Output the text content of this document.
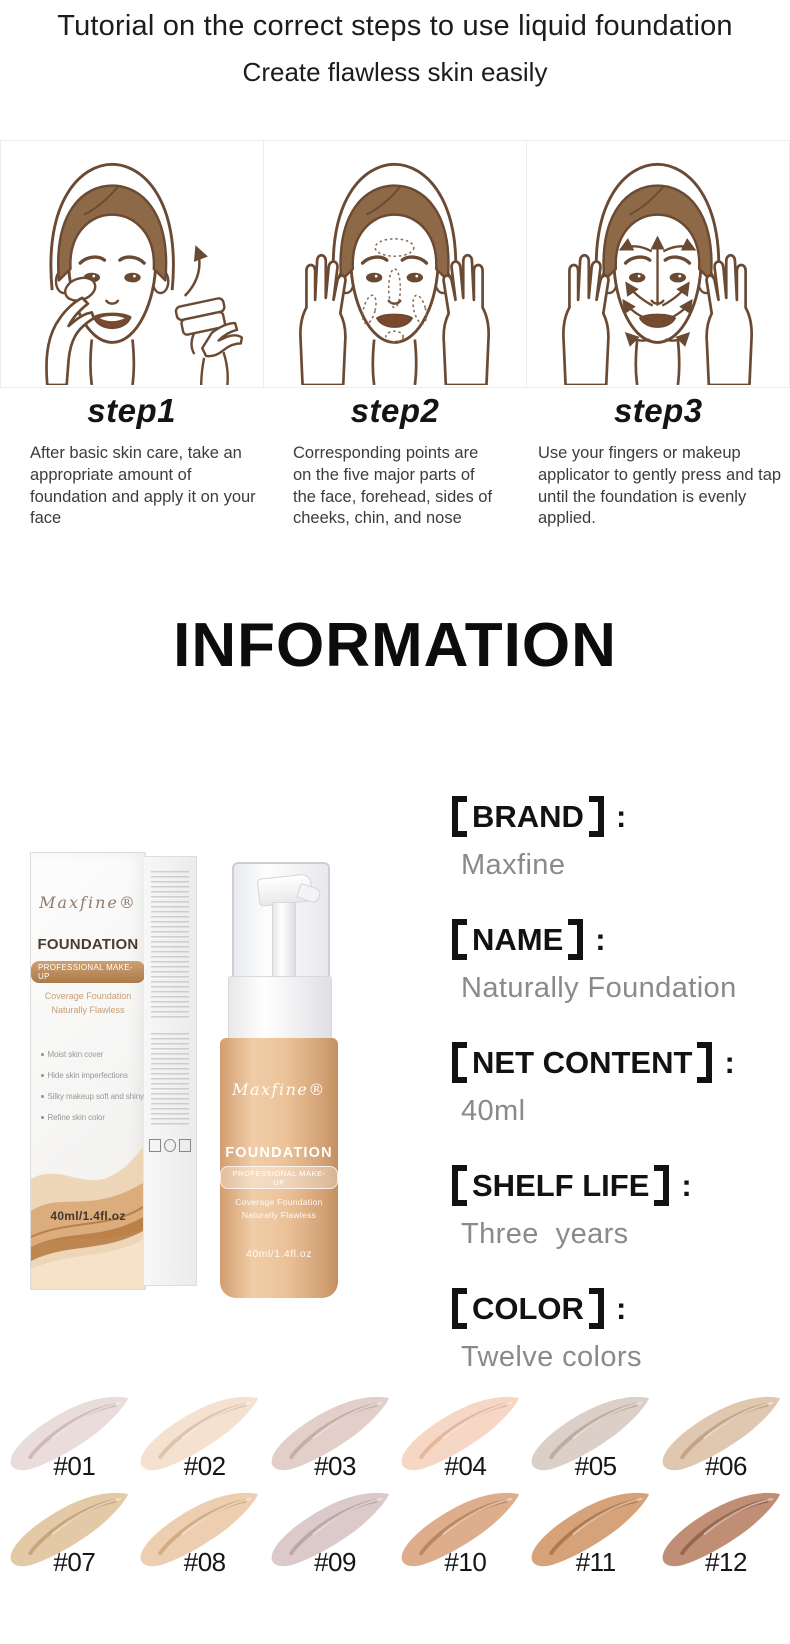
Tutorial on the correct steps to use liquid foundation
Create flawless skin easily
step1	step2	step3

After basic skin care, take an appropriate amount of foundation and apply it on your face

Corresponding points are on the five major parts of the face, forehead, sides of cheeks, chin, and nose

Use your fingers or makeup applicator to gently press and tap until the foundation is evenly applied.

INFORMATION
Maxfine®
FOUNDATION
PROFESSIONAL MAKE-UP
Coverage Foundation
Naturally Flawless
Moist skin cover
Hide skin imperfections
Silky makeup soft and shiny
Refine skin color
40ml/1.4fl.oz
Maxfine®
FOUNDATION
PROFESSIONAL MAKE-UP
Coverage Foundation
Naturally Flawless
40ml/1.4fl.oz
BRAND :
Maxfine
NAME :
Naturally Foundation
NET CONTENT :
40ml
SHELF LIFE :
Three  years
COLOR :
Twelve colors
#01	#02	#03	#04	#05	#06
#07	#08	#09	#10	#11	#12
